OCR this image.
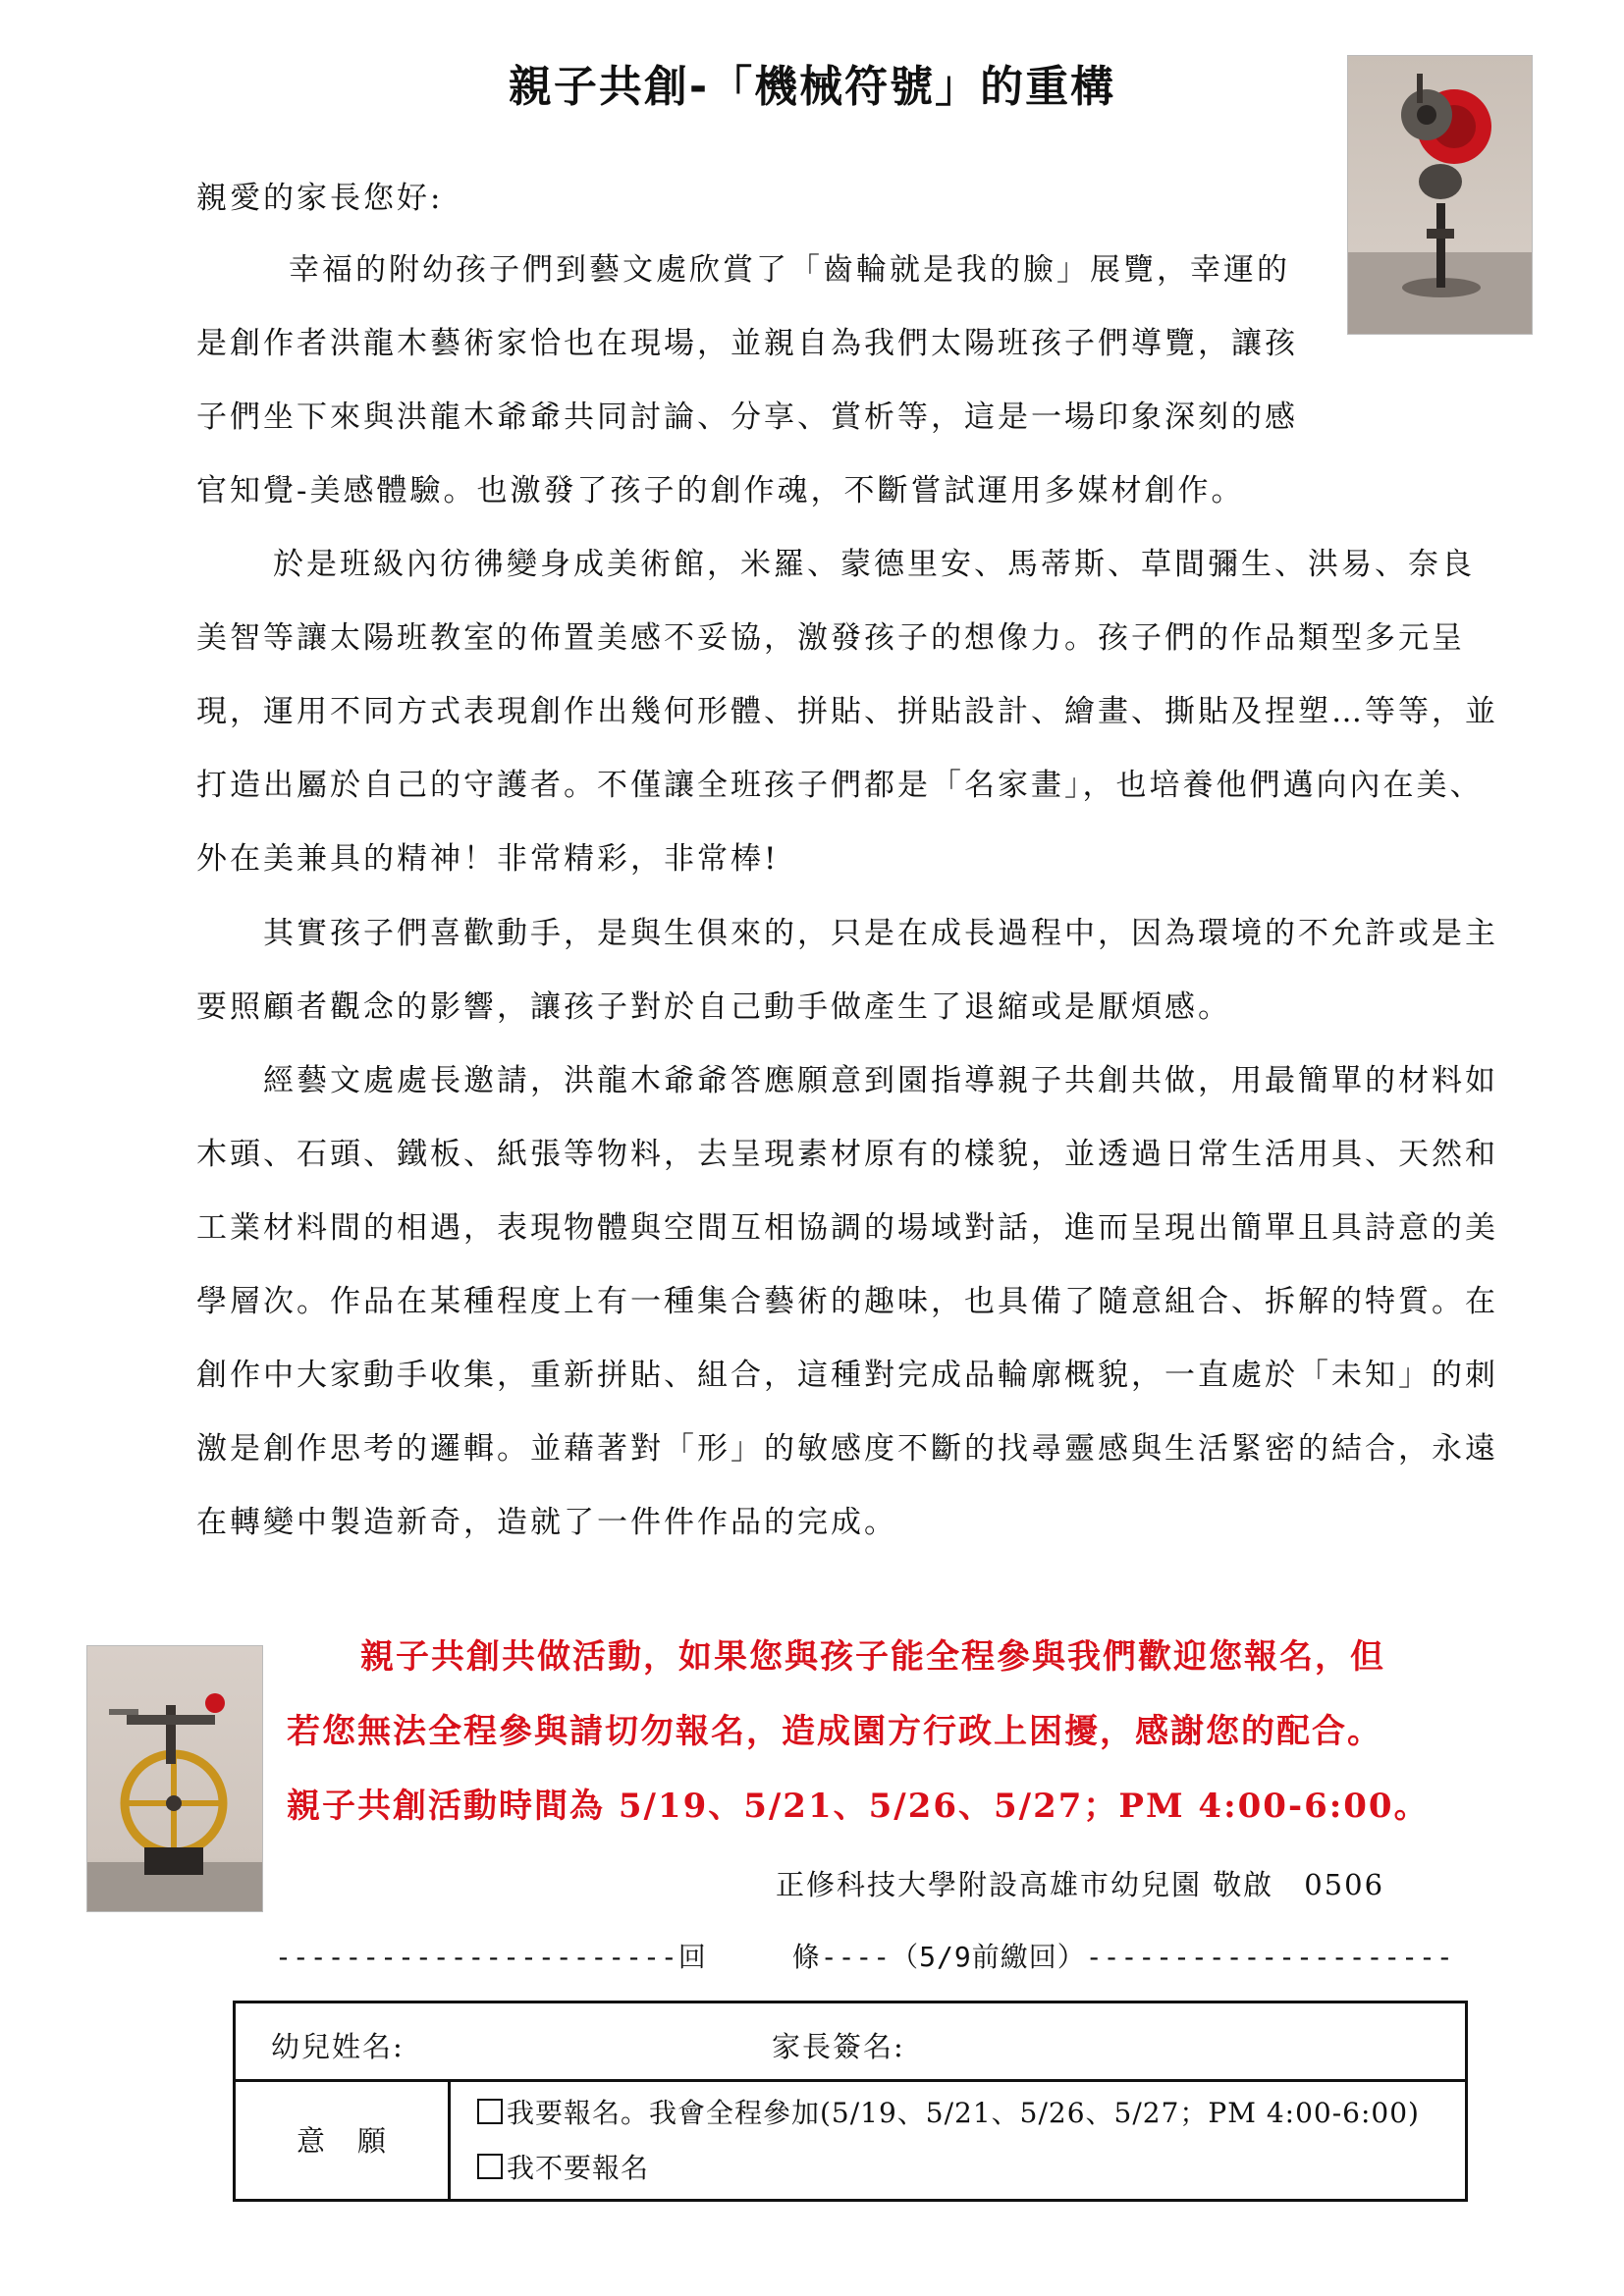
親子共創-「機械符號」的重構
親愛的家長您好:
幸福的附幼孩子們到藝文處欣賞了「齒輪就是我的臉」展覽，幸運的是創作者洪龍木藝術家恰也在現場，並親自為我們太陽班孩子們導覽，讓孩子們坐下來與洪龍木爺爺共同討論、分享、賞析等，這是一場印象深刻的感官知覺-美感體驗。也激發了孩子的創作魂，不斷嘗試運用多媒材創作。
於是班級內彷彿變身成美術館，米羅、蒙德里安、馬蒂斯、草間彌生、洪易、奈良美智等讓太陽班教室的佈置美感不妥協，激發孩子的想像力。孩子們的作品類型多元呈現，運用不同方式表現創作出幾何形體、拼貼、拼貼設計、繪畫、撕貼及捏塑…等等，並打造出屬於自己的守護者。不僅讓全班孩子們都是「名家畫」，也培養他們邁向內在美、外在美兼具的精神！非常精彩，非常棒!
其實孩子們喜歡動手，是與生俱來的，只是在成長過程中，因為環境的不允許或是主要照顧者觀念的影響，讓孩子對於自己動手做產生了退縮或是厭煩感。
經藝文處處長邀請，洪龍木爺爺答應願意到園指導親子共創共做，用最簡單的材料如木頭、石頭、鐵板、紙張等物料，去呈現素材原有的樣貌，並透過日常生活用具、天然和工業材料間的相遇，表現物體與空間互相協調的場域對話，進而呈現出簡單且具詩意的美學層次。作品在某種程度上有一種集合藝術的趣味，也具備了隨意組合、拆解的特質。在創作中大家動手收集，重新拼貼、組合，這種對完成品輪廓概貌，一直處於「未知」的刺激是創作思考的邏輯。並藉著對「形」的敏感度不斷的找尋靈感與生活緊密的結合，永遠在轉變中製造新奇，造就了一件件作品的完成。
親子共創共做活動，如果您與孩子能全程參與我們歡迎您報名，但
若您無法全程參與請切勿報名，造成園方行政上困擾，感謝您的配合。
親子共創活動時間為 5/19、5/21、5/26、5/27；PM 4:00-6:00。
正修科技大學附設高雄市幼兒園 敬啟　0506
-----------------------回　　　條----（5/9前繳回）---------------------
幼兒姓名:	家長簽名:
意　願
我要報名。我會全程參加(5/19、5/21、5/26、5/27；PM 4:00-6:00)
我不要報名
